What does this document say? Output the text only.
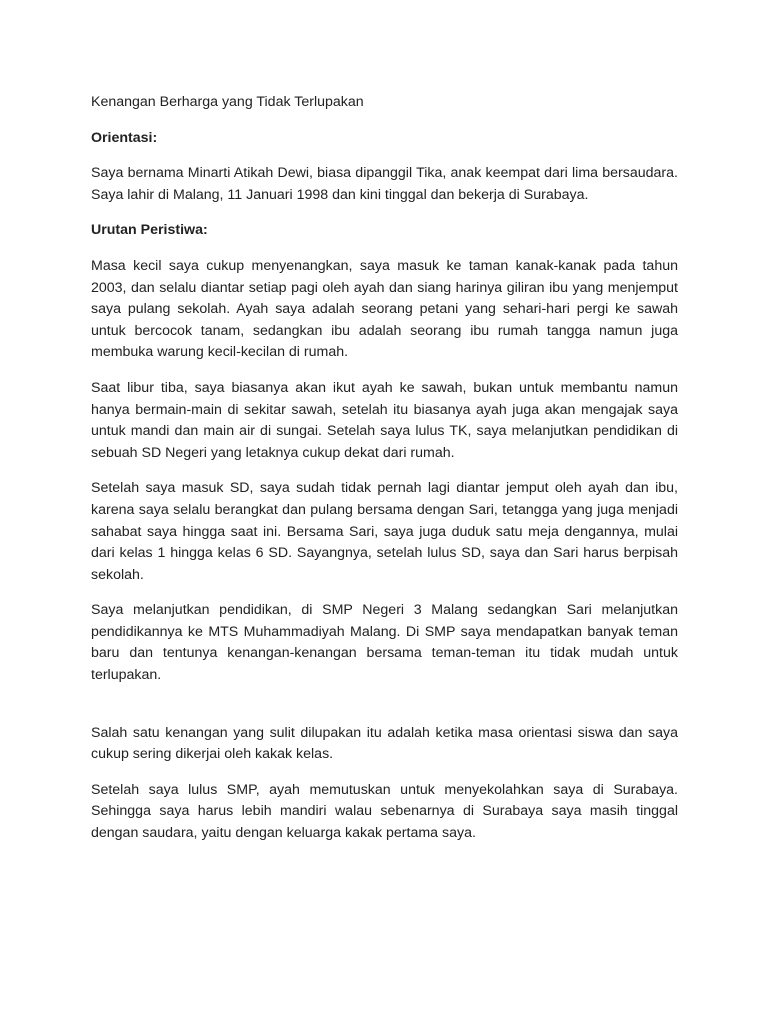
Kenangan Berharga yang Tidak Terlupakan

Orientasi:

Saya bernama Minarti Atikah Dewi, biasa dipanggil Tika, anak keempat dari lima bersaudara. Saya lahir di Malang, 11 Januari 1998 dan kini tinggal dan bekerja di Surabaya.

Urutan Peristiwa:

Masa kecil saya cukup menyenangkan, saya masuk ke taman kanak-kanak pada tahun 2003, dan selalu diantar setiap pagi oleh ayah dan siang harinya giliran ibu yang menjemput saya pulang sekolah. Ayah saya adalah seorang petani yang sehari-hari pergi ke sawah untuk bercocok tanam, sedangkan ibu adalah seorang ibu rumah tangga namun juga membuka warung kecil-kecilan di rumah.

Saat libur tiba, saya biasanya akan ikut ayah ke sawah, bukan untuk membantu namun hanya bermain-main di sekitar sawah, setelah itu biasanya ayah juga akan mengajak saya untuk mandi dan main air di sungai. Setelah saya lulus TK, saya melanjutkan pendidikan di sebuah SD Negeri yang letaknya cukup dekat dari rumah.

Setelah saya masuk SD, saya sudah tidak pernah lagi diantar jemput oleh ayah dan ibu, karena saya selalu berangkat dan pulang bersama dengan Sari, tetangga yang juga menjadi sahabat saya hingga saat ini. Bersama Sari, saya juga duduk satu meja dengannya, mulai dari kelas 1 hingga kelas 6 SD. Sayangnya, setelah lulus SD, saya dan Sari harus berpisah sekolah.

Saya melanjutkan pendidikan, di SMP Negeri 3 Malang sedangkan Sari melanjutkan pendidikannya ke MTS Muhammadiyah Malang. Di SMP saya mendapatkan banyak teman baru dan tentunya kenangan-kenangan bersama teman-teman itu tidak mudah untuk terlupakan.

Salah satu kenangan yang sulit dilupakan itu adalah ketika masa orientasi siswa dan saya cukup sering dikerjai oleh kakak kelas.

Setelah saya lulus SMP, ayah memutuskan untuk menyekolahkan saya di Surabaya. Sehingga saya harus lebih mandiri walau sebenarnya di Surabaya saya masih tinggal dengan saudara, yaitu dengan keluarga kakak pertama saya.
